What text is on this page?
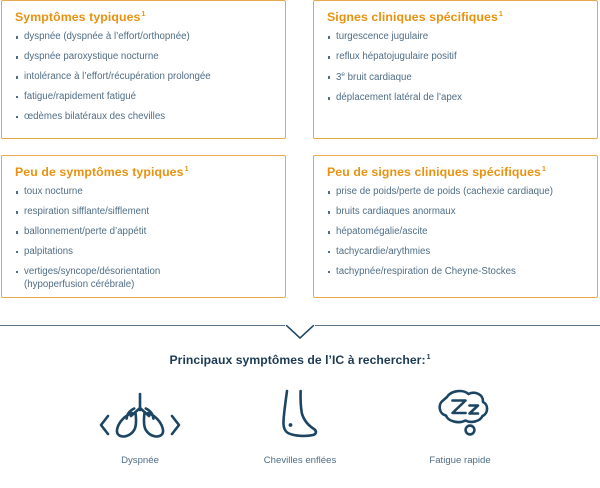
Symptômes typiques$^1$
dyspnée (dyspnée à l’effort/orthopnée)
dyspnée paroxystique nocturne
intolérance à l’effort/récupération prolongée
fatigue/rapidement fatigué
œdèmes bilatéraux des chevilles
Signes cliniques spécifiques$^1$
turgescence jugulaire
reflux hépatojugulaire positif
3e bruit cardiaque
déplacement latéral de l’apex
Peu de symptômes typiques$^1$
toux nocturne
respiration sifflante/sifflement
ballonnement/perte d’appétit
palpitations
vertiges/syncope/désorientation
(hypoperfusion cérébrale)
Peu de signes cliniques spécifiques$^1$
prise de poids/perte de poids (cachexie cardiaque)
bruits cardiaques anormaux
hépatomégalie/ascite
tachycardie/arythmies
tachypnée/respiration de Cheyne-Stockes
Principaux symptômes de l’IC à rechercher:$^1$
Dyspnée	Chevilles enflées	Fatigue rapide
